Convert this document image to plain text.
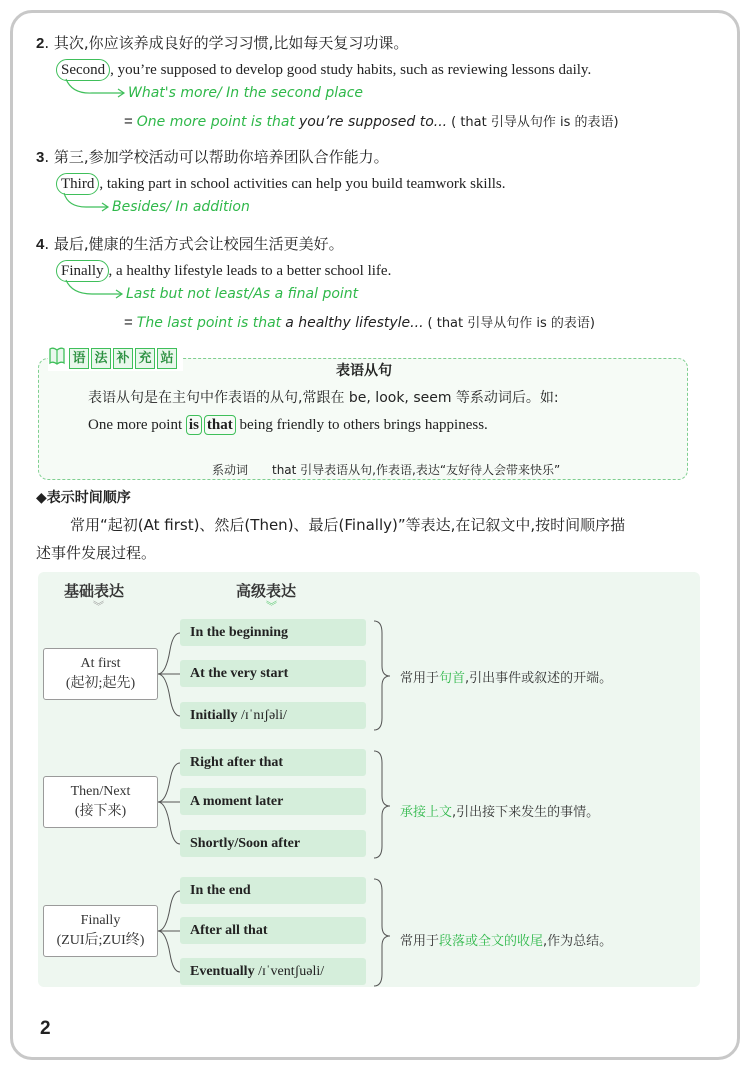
2. 其次,你应该养成良好的学习习惯,比如每天复习功课。
Second , you’re supposed to develop good study habits, such as reviewing lessons daily.
What's more/ In the second place
= One more point is that you’re supposed to... ( that 引导从句作 is 的表语)
3. 第三,参加学校活动可以帮助你培养团队合作能力。
Third , taking part in school activities can help you build teamwork skills.
Besides/ In addition
4. 最后,健康的生活方式会让校园生活更美好。
Finally , a healthy lifestyle leads to a better school life.
Last but not least/As a final point
= The last point is that a healthy lifestyle... ( that 引导从句作 is 的表语)
语 法 补 充 站
表语从句
表语从句是在主句中作表语的从句,常跟在 be, look, seem 等系动词后。如:
One more point is that being friendly to others brings happiness.
系动词 that 引导表语从句,作表语,表达“友好待人会带来快乐”
◆表示时间顺序
常用“起初(At first)、然后(Then)、最后(Finally)”等表达,在记叙文中,按时间顺序描
述事件发展过程。
基础表达
︾
高级表达
︾
At first
(起初;起先)
In the beginning
At the very start
Initially /ɪˈnɪʃəli/
常用于句首,引出事件或叙述的开端。
Then/Next
(接下来)
Right after that
A moment later
Shortly/Soon after
承接上文,引出接下来发生的事情。
Finally
(ZUI后;ZUI终)
In the end
After all that
Eventually /ɪˈventʃuəli/
常用于段落或全文的收尾,作为总结。
2
